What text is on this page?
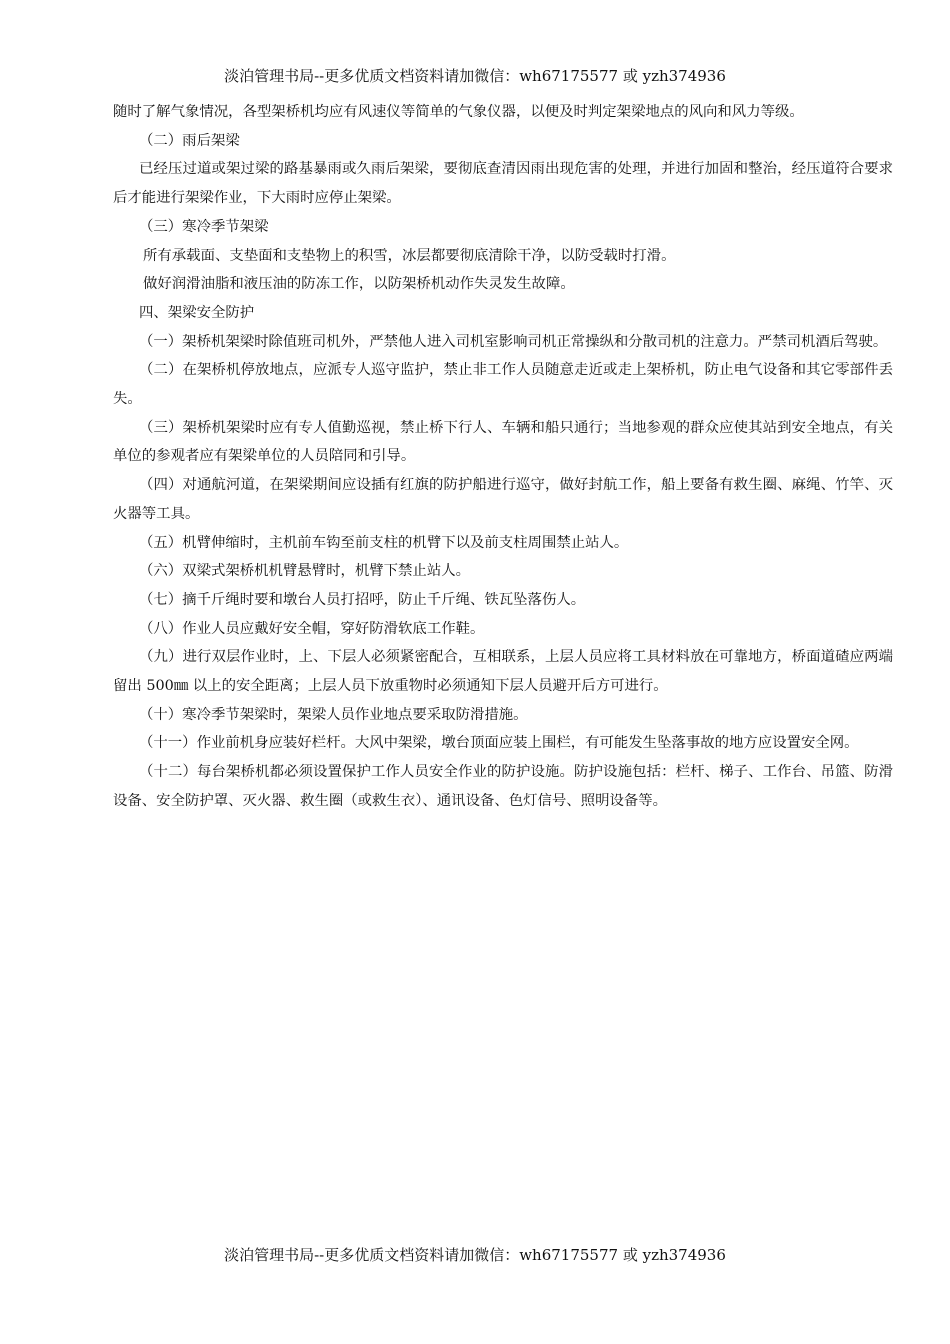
淡泊管理书局--更多优质文档资料请加微信：wh67175577 或 yzh374936

随时了解气象情况，各型架桥机均应有风速仪等简单的气象仪器，以便及时判定架梁地点的风向和风力等级。

（二）雨后架梁

已经压过道或架过梁的路基暴雨或久雨后架梁，要彻底查清因雨出现危害的处理，并进行加固和整治，经压道符合要求后才能进行架梁作业，下大雨时应停止架梁。

（三）寒冷季节架梁

所有承载面、支垫面和支垫物上的积雪，冰层都要彻底清除干净，以防受载时打滑。

做好润滑油脂和液压油的防冻工作，以防架桥机动作失灵发生故障。

四、架梁安全防护

（一）架桥机架梁时除值班司机外，严禁他人进入司机室影响司机正常操纵和分散司机的注意力。严禁司机酒后驾驶。

（二）在架桥机停放地点，应派专人巡守监护，禁止非工作人员随意走近或走上架桥机，防止电气设备和其它零部件丢失。

（三）架桥机架梁时应有专人值勤巡视，禁止桥下行人、车辆和船只通行；当地参观的群众应使其站到安全地点，有关单位的参观者应有架梁单位的人员陪同和引导。

（四）对通航河道，在架梁期间应设插有红旗的防护船进行巡守，做好封航工作，船上要备有救生圈、麻绳、竹竿、灭火器等工具。

（五）机臂伸缩时，主机前车钩至前支柱的机臂下以及前支柱周围禁止站人。

（六）双梁式架桥机机臂悬臂时，机臂下禁止站人。

（七）摘千斤绳时要和墩台人员打招呼，防止千斤绳、铁瓦坠落伤人。

（八）作业人员应戴好安全帽，穿好防滑软底工作鞋。

（九）进行双层作业时，上、下层人必须紧密配合，互相联系，上层人员应将工具材料放在可靠地方，桥面道碴应两端留出 500㎜ 以上的安全距离；上层人员下放重物时必须通知下层人员避开后方可进行。

（十）寒冷季节架梁时，架梁人员作业地点要采取防滑措施。

（十一）作业前机身应装好栏杆。大风中架梁，墩台顶面应装上围栏，有可能发生坠落事故的地方应设置安全网。

（十二）每台架桥机都必须设置保护工作人员安全作业的防护设施。防护设施包括：栏杆、梯子、工作台、吊篮、防滑设备、安全防护罩、灭火器、救生圈（或救生衣）、通讯设备、色灯信号、照明设备等。

淡泊管理书局--更多优质文档资料请加微信：wh67175577 或 yzh374936
